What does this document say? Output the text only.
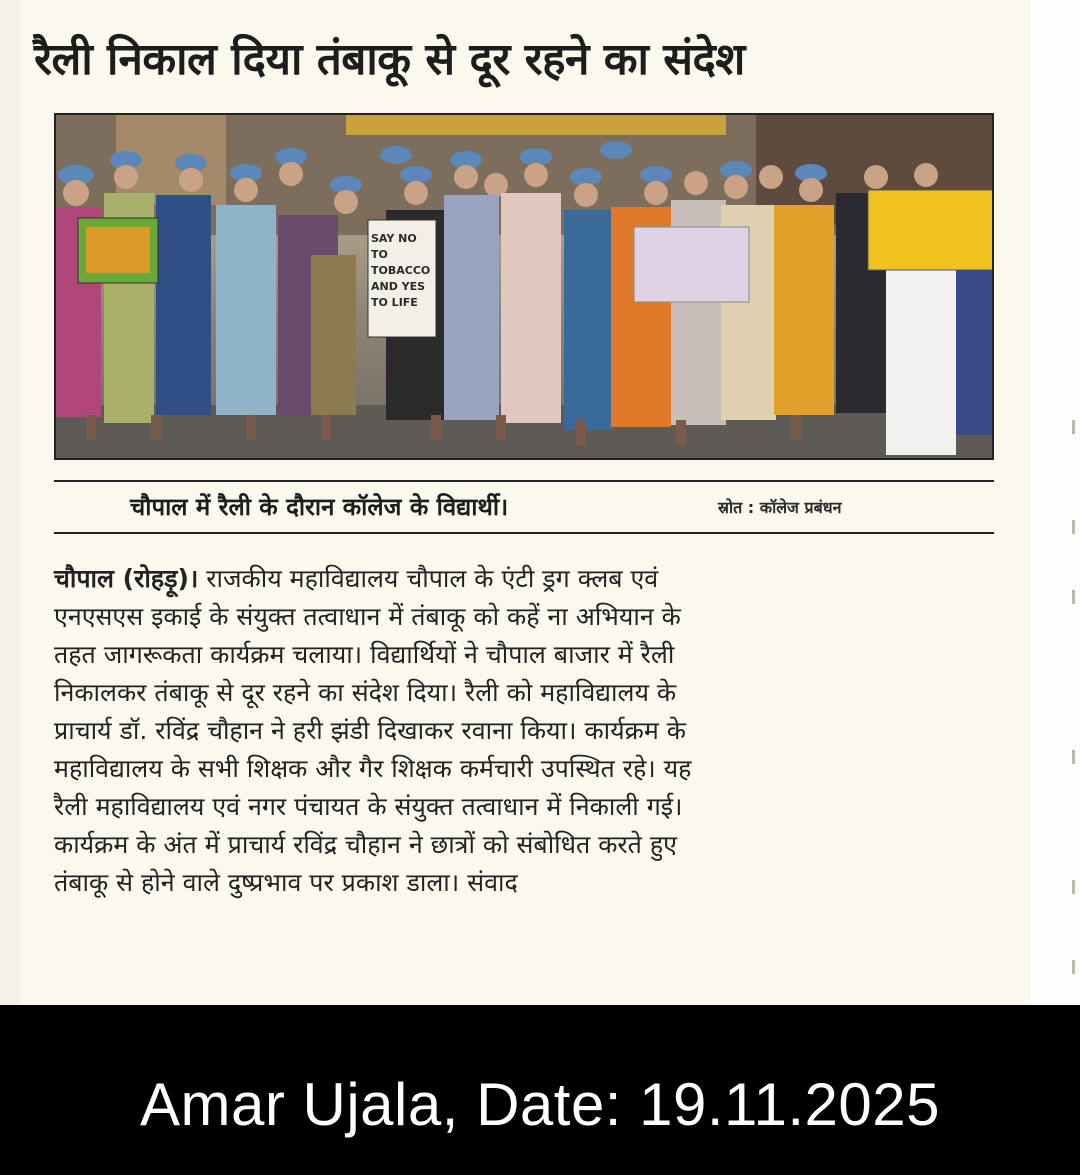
रैली निकाल दिया तंबाकू से दूर रहने का संदेश
SAY NO TO
TOBACCO
AND YES
TO LIFE
चौपाल में रैली के दौरान कॉलेज के विद्यार्थी।	स्रोत : कॉलेज प्रबंधन
चौपाल (रोहड़ू)। राजकीय महाविद्यालय चौपाल के एंटी ड्रग क्लब एवं
एनएसएस इकाई के संयुक्त तत्वाधान में तंबाकू को कहें ना अभियान के
तहत जागरूकता कार्यक्रम चलाया। विद्यार्थियों ने चौपाल बाजार में रैली
निकालकर तंबाकू से दूर रहने का संदेश दिया। रैली को महाविद्यालय के
प्राचार्य डॉ. रविंद्र चौहान ने हरी झंडी दिखाकर रवाना किया। कार्यक्रम के
महाविद्यालय के सभी शिक्षक और गैर शिक्षक कर्मचारी उपस्थित रहे। यह
रैली महाविद्यालय एवं नगर पंचायत के संयुक्त तत्वाधान में निकाली गई।
कार्यक्रम के अंत में प्राचार्य रविंद्र चौहान ने छात्रों को संबोधित करते हुए
तंबाकू से होने वाले दुष्प्रभाव पर प्रकाश डाला। संवाद
Amar Ujala, Date: 19.11.2025
